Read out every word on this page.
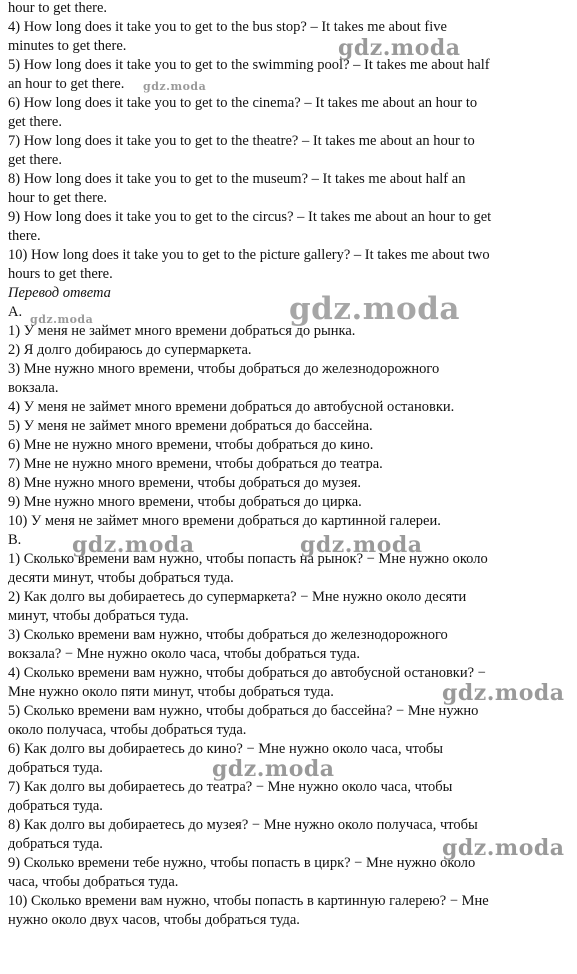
hour to get there.

4) How long does it take you to get to the bus stop? – It takes me about five

minutes to get there.

5) How long does it take you to get to the swimming pool? – It takes me about half

an hour to get there.

6) How long does it take you to get to the cinema? – It takes me about an hour to

get there.

7) How long does it take you to get to the theatre? – It takes me about an hour to

get there.

8) How long does it take you to get to the museum? – It takes me about half an

hour to get there.

9) How long does it take you to get to the circus? – It takes me about an hour to get

there.

10) How long does it take you to get to the picture gallery? – It takes me about two

hours to get there.

Перевод ответа

А.

1) У меня не займет много времени добраться до рынка.

2) Я долго добираюсь до супермаркета.

3) Мне нужно много времени, чтобы добраться до железнодорожного

вокзала.

4) У меня не займет много времени добраться до автобусной остановки.

5) У меня не займет много времени добраться до бассейна.

6) Мне не нужно много времени, чтобы добраться до кино.

7) Мне не нужно много времени, чтобы добраться до театра.

8) Мне нужно много времени, чтобы добраться до музея.

9) Мне нужно много времени, чтобы добраться до цирка.

10) У меня не займет много времени добраться до картинной галереи.

В.

1) Сколько времени вам нужно, чтобы попасть на рынок? − Мне нужно около

десяти минут, чтобы добраться туда.

2) Как долго вы добираетесь до супермаркета? − Мне нужно около десяти

минут, чтобы добраться туда.

3) Сколько времени вам нужно, чтобы добраться до железнодорожного

вокзала? − Мне нужно около часа, чтобы добраться туда.

4) Сколько времени вам нужно, чтобы добраться до автобусной остановки? −

Мне нужно около пяти минут, чтобы добраться туда.

5) Сколько времени вам нужно, чтобы добраться до бассейна? − Мне нужно

около получаса, чтобы добраться туда.

6) Как долго вы добираетесь до кино? − Мне нужно около часа, чтобы

добраться туда.

7) Как долго вы добираетесь до театра? − Мне нужно около часа, чтобы

добраться туда.

8) Как долго вы добираетесь до музея? − Мне нужно около получаса, чтобы

добраться туда.

9) Сколько времени тебе нужно, чтобы попасть в цирк? − Мне нужно около

часа, чтобы добраться туда.

10) Сколько времени вам нужно, чтобы попасть в картинную галерею? − Мне

нужно около двух часов, чтобы добраться туда.

gdz.moda
gdz.moda
gdz.moda
gdz.moda
gdz.moda	gdz.moda
gdz.moda
gdz.moda
gdz.moda
